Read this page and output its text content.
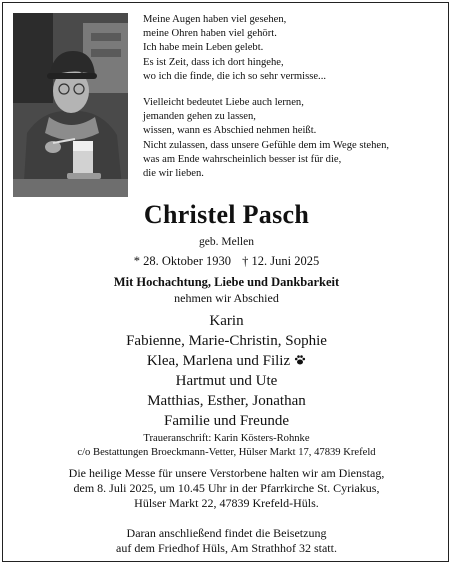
Meine Augen haben viel gesehen,
meine Ohren haben viel gehört.
Ich habe mein Leben gelebt.
Es ist Zeit, dass ich dort hingehe,
wo ich die finde, die ich so sehr vermisse...
Vielleicht bedeutet Liebe auch lernen,
jemanden gehen zu lassen,
wissen, wann es Abschied nehmen heißt.
Nicht zulassen, dass unsere Gefühle dem im Wege stehen,
was am Ende wahrscheinlich besser ist für die,
die wir lieben.
Christel Pasch
geb. Mellen
* 28. Oktober 1930 † 12. Juni 2025
Mit Hochachtung, Liebe und Dankbarkeit
nehmen wir Abschied
Karin
Fabienne, Marie-Christin, Sophie
Klea, Marlena und Filiz
Hartmut und Ute
Matthias, Esther, Jonathan
Familie und Freunde
Traueranschrift: Karin Kösters-Rohnke
c/o Bestattungen Broeckmann-Vetter, Hülser Markt 17, 47839 Krefeld
Die heilige Messe für unsere Verstorbene halten wir am Dienstag,
dem 8. Juli 2025, um 10.45 Uhr in der Pfarrkirche St. Cyriakus,
Hülser Markt 22, 47839 Krefeld-Hüls.
Daran anschließend findet die Beisetzung
auf dem Friedhof Hüls, Am Strathhof 32 statt.
